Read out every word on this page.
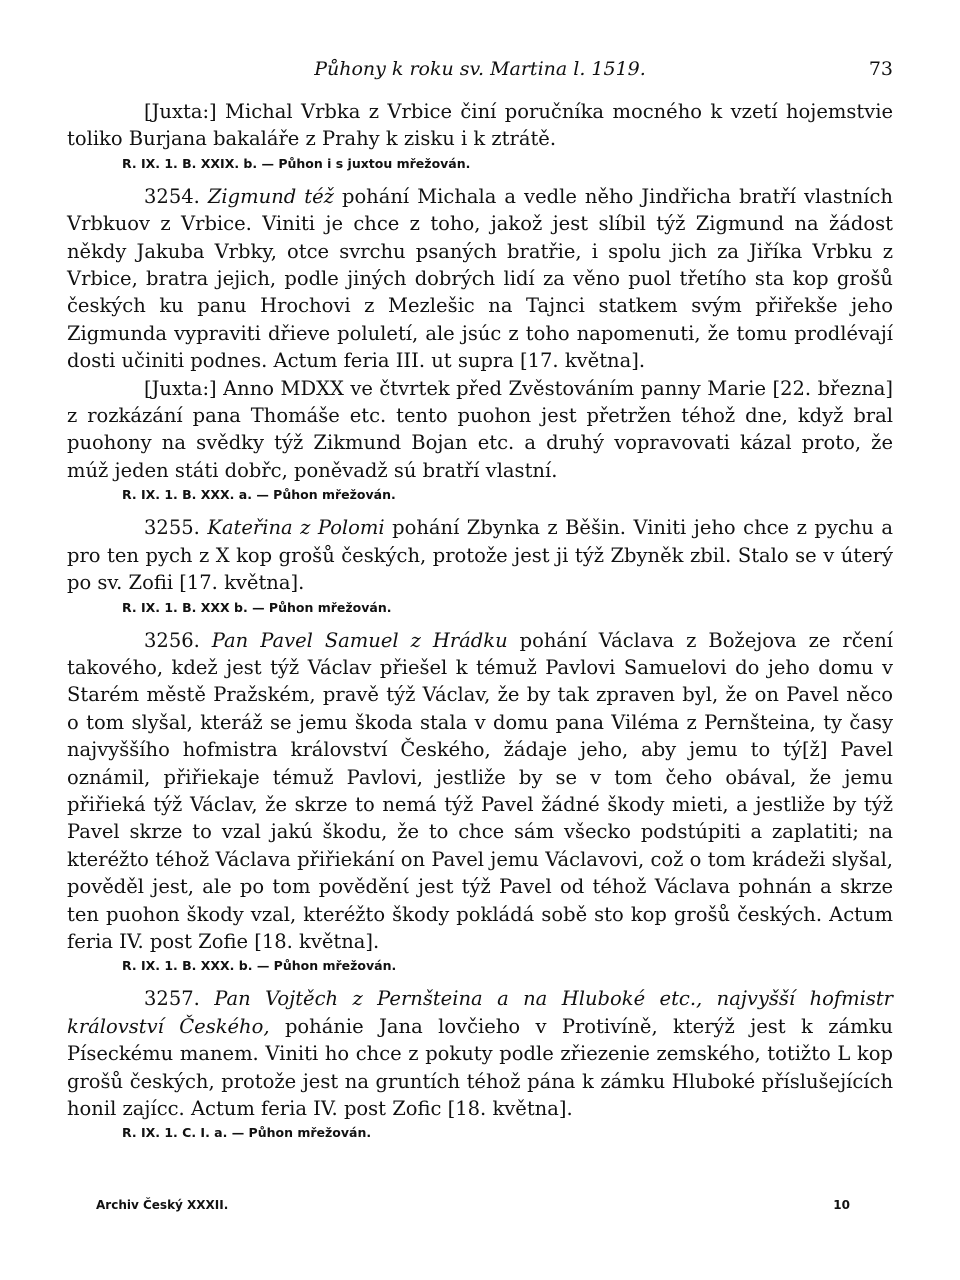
Půhony k roku sv. Martina l. 1519.	73

[Juxta:] Michal Vrbka z Vrbice činí poručníka mocného k vzetí hojemstvie toliko Burjana bakaláře z Prahy k zisku i k ztrátě.

R. IX. 1. B. XXIX. b. — Půhon i s juxtou mřežován.

3254. Zigmund též pohání Michala a vedle něho Jindřicha bratří vlastních Vrbkuov z Vrbice. Viniti je chce z toho, jakož jest slíbil týž Zigmund na žádost někdy Jakuba Vrbky, otce svrchu psaných bratřie, i spolu jich za Jiříka Vrbku z Vrbice, bratra jejich, podle jiných dobrých lidí za věno puol třetího sta kop grošů českých ku panu Hrochovi z Mezlešic na Tajnci statkem svým přiřekše jeho Zigmunda vypraviti dřieve poluletí, ale jsúc z toho napomenuti, že tomu prodlévají dosti učiniti podnes. Actum feria III. ut supra [17. května].

[Juxta:] Anno MDXX ve čtvrtek před Zvěstováním panny Marie [22. března] z rozkázání pana Thomáše etc. tento puohon jest přetržen téhož dne, když bral puohony na svědky týž Zikmund Bojan etc. a druhý vopravovati kázal proto, že múž jeden státi dobřc, poněvadž sú bratří vlastní.

R. IX. 1. B. XXX. a. — Půhon mřežován.

3255. Kateřina z Polomi pohání Zbynka z Běšin. Viniti jeho chce z pychu a pro ten pych z X kop grošů českých, protože jest ji týž Zbyněk zbil. Stalo se v úterý po sv. Zofii [17. května].

R. IX. 1. B. XXX b. — Půhon mřežován.

3256. Pan Pavel Samuel z Hrádku pohání Václava z Božejova ze rčení takového, kdež jest týž Václav přiešel k témuž Pavlovi Samuelovi do jeho domu v Starém městě Pražském, pravě týž Václav, že by tak zpraven byl, že on Pavel něco o tom slyšal, kteráž se jemu škoda stala v domu pana Viléma z Pernšteina, ty časy najvyššího hofmistra království Českého, žádaje jeho, aby jemu to tý[ž] Pavel oznámil, přiřiekaje témuž Pavlovi, jestliže by se v tom čeho obával, že jemu přiřieká týž Václav, že skrze to nemá týž Pavel žádné škody mieti, a jestliže by týž Pavel skrze to vzal jakú škodu, že to chce sám všecko podstúpiti a zaplatiti; na kteréžto téhož Václava přiřiekání on Pavel jemu Václavovi, což o tom krádeži slyšal, pověděl jest, ale po tom pověděnί jest týž Pavel od téhož Václava pohnán a skrze ten puohon škody vzal, kteréžto škody pokládá sobě sto kop grošů českých. Actum feria IV. post Zofie [18. května].

R. IX. 1. B. XXX. b. — Půhon mřežován.

3257. Pan Vojtěch z Pernšteina a na Hluboké etc., najvyšší hofmistr království Českého, pohánie Jana lovčieho v Protivíně, kterýž jest k zámku Píseckému manem. Viniti ho chce z pokuty podle zřiezenie zemského, totižto L kop grošů českých, protože jest na gruntích téhož pána k zámku Hluboké příslušejících honil zajícc. Actum feria IV. post Zofic [18. května].

R. IX. 1. C. I. a. — Půhon mřežován.

Archiv Český XXXII.	10
